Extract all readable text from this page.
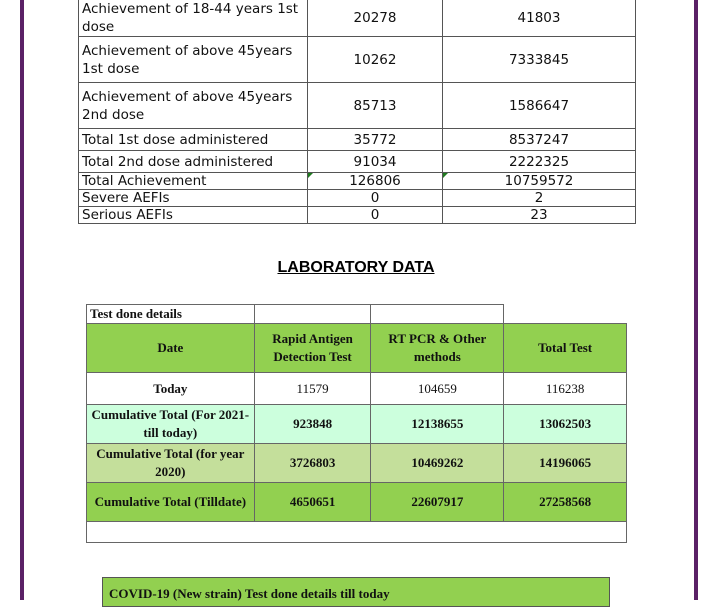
Achievement of 18-44 years 1st dose	20278	41803
Achievement of above 45years 1st dose	10262	7333845
Achievement of above 45years 2nd dose	85713	1586647
Total 1st dose administered	35772	8537247
Total 2nd dose administered	91034	2222325
Total Achievement	126806	10759572
Severe AEFIs	0	2
Serious AEFIs	0	23
LABORATORY DATA
Test done details			
Date	Rapid Antigen Detection Test	RT PCR & Other methods	Total Test
Today	11579	104659	116238
Cumulative Total (For 2021- till today)	923848	12138655	13062503
Cumulative Total (for year 2020)	3726803	10469262	14196065
Cumulative Total (Tilldate)	4650651	22607917	27258568

COVID-19 (New strain) Test done details till today
